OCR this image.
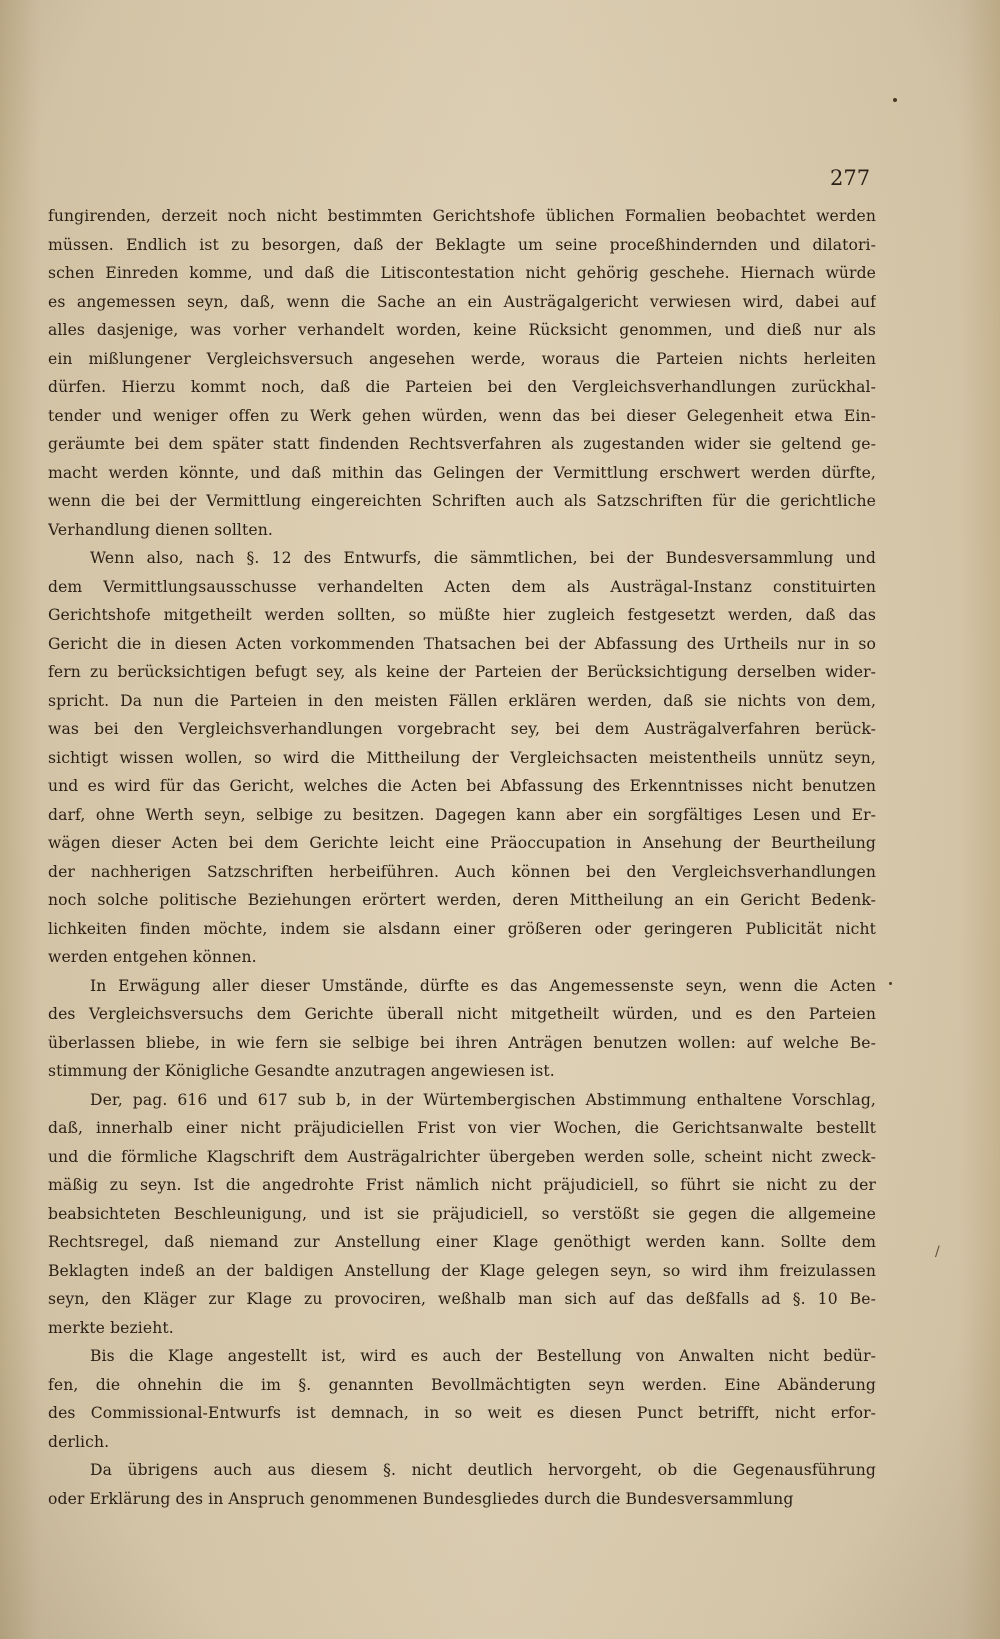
277
fungirenden, derzeit noch nicht bestimmten Gerichtshofe üblichen Formalien beobachtet werden
müssen. Endlich ist zu besorgen, daß der Beklagte um seine proceßhindernden und dilatori-
schen Einreden komme, und daß die Litiscontestation nicht gehörig geschehe. Hiernach würde
es angemessen seyn, daß, wenn die Sache an ein Austrägalgericht verwiesen wird, dabei auf
alles dasjenige, was vorher verhandelt worden, keine Rücksicht genommen, und dieß nur als
ein mißlungener Vergleichsversuch angesehen werde, woraus die Parteien nichts herleiten
dürfen. Hierzu kommt noch, daß die Parteien bei den Vergleichsverhandlungen zurückhal-
tender und weniger offen zu Werk gehen würden, wenn das bei dieser Gelegenheit etwa Ein-
geräumte bei dem später statt findenden Rechtsverfahren als zugestanden wider sie geltend ge-
macht werden könnte, und daß mithin das Gelingen der Vermittlung erschwert werden dürfte,
wenn die bei der Vermittlung eingereichten Schriften auch als Satzschriften für die gerichtliche
Verhandlung dienen sollten.
Wenn also, nach §. 12 des Entwurfs, die sämmtlichen, bei der Bundesversammlung und
dem Vermittlungsausschusse verhandelten Acten dem als Austrägal-Instanz constituirten
Gerichtshofe mitgetheilt werden sollten, so müßte hier zugleich festgesetzt werden, daß das
Gericht die in diesen Acten vorkommenden Thatsachen bei der Abfassung des Urtheils nur in so
fern zu berücksichtigen befugt sey, als keine der Parteien der Berücksichtigung derselben wider-
spricht. Da nun die Parteien in den meisten Fällen erklären werden, daß sie nichts von dem,
was bei den Vergleichsverhandlungen vorgebracht sey, bei dem Austrägalverfahren berück-
sichtigt wissen wollen, so wird die Mittheilung der Vergleichsacten meistentheils unnütz seyn,
und es wird für das Gericht, welches die Acten bei Abfassung des Erkenntnisses nicht benutzen
darf, ohne Werth seyn, selbige zu besitzen. Dagegen kann aber ein sorgfältiges Lesen und Er-
wägen dieser Acten bei dem Gerichte leicht eine Präoccupation in Ansehung der Beurtheilung
der nachherigen Satzschriften herbeiführen. Auch können bei den Vergleichsverhandlungen
noch solche politische Beziehungen erörtert werden, deren Mittheilung an ein Gericht Bedenk-
lichkeiten finden möchte, indem sie alsdann einer größeren oder geringeren Publicität nicht
werden entgehen können.
In Erwägung aller dieser Umstände, dürfte es das Angemessenste seyn, wenn die Acten
des Vergleichsversuchs dem Gerichte überall nicht mitgetheilt würden, und es den Parteien
überlassen bliebe, in wie fern sie selbige bei ihren Anträgen benutzen wollen: auf welche Be-
stimmung der Königliche Gesandte anzutragen angewiesen ist.
Der, pag. 616 und 617 sub b, in der Würtembergischen Abstimmung enthaltene Vorschlag,
daß, innerhalb einer nicht präjudiciellen Frist von vier Wochen, die Gerichtsanwalte bestellt
und die förmliche Klagschrift dem Austrägalrichter übergeben werden solle, scheint nicht zweck-
mäßig zu seyn. Ist die angedrohte Frist nämlich nicht präjudiciell, so führt sie nicht zu der
beabsichteten Beschleunigung, und ist sie präjudiciell, so verstößt sie gegen die allgemeine
Rechtsregel, daß niemand zur Anstellung einer Klage genöthigt werden kann. Sollte dem
Beklagten indeß an der baldigen Anstellung der Klage gelegen seyn, so wird ihm freizulassen
seyn, den Kläger zur Klage zu provociren, weßhalb man sich auf das deßfalls ad §. 10 Be-
merkte bezieht.
Bis die Klage angestellt ist, wird es auch der Bestellung von Anwalten nicht bedür-
fen, die ohnehin die im §. genannten Bevollmächtigten seyn werden. Eine Abänderung
des Commissional-Entwurfs ist demnach, in so weit es diesen Punct betrifft, nicht erfor-
derlich.
Da übrigens auch aus diesem §. nicht deutlich hervorgeht, ob die Gegenausführung
oder Erklärung des in Anspruch genommenen Bundesgliedes durch die Bundesversammlung
/
